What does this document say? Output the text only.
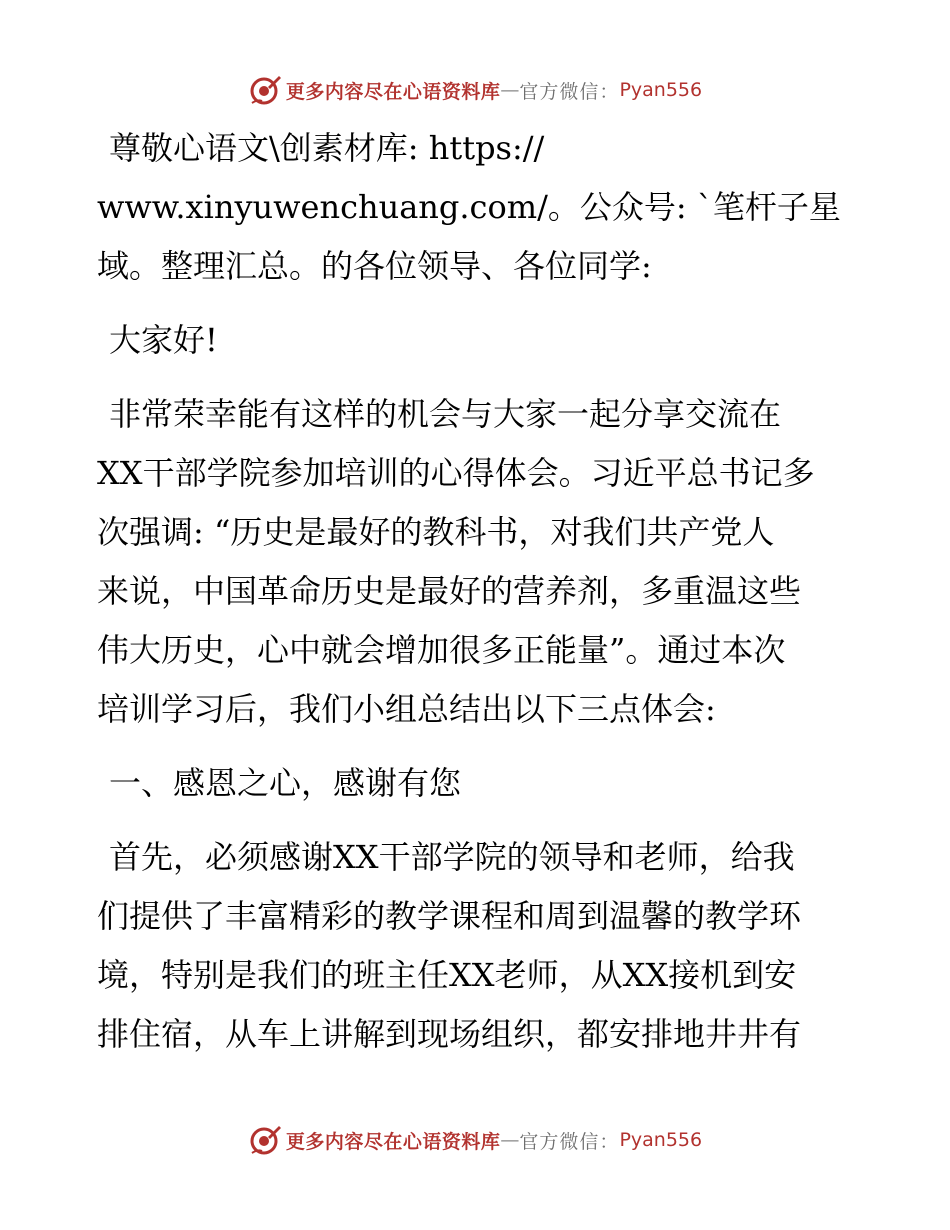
更多内容尽在心语资料库 — 官方微信： Pyan556
尊敬心语文\创素材库: https://
www.xinyuwenchuang.com/。公众号: `笔杆子星
域。整理汇总。的各位领导、各位同学:
大家好!
非常荣幸能有这样的机会与大家一起分享交流在
XX干部学院参加培训的心得体会。习近平总书记多
次强调: “历史是最好的教科书，对我们共产党人
来说，中国革命历史是最好的营养剂，多重温这些
伟大历史，心中就会增加很多正能量”。通过本次
培训学习后，我们小组总结出以下三点体会:
一、感恩之心，感谢有您
首先，必须感谢XX干部学院的领导和老师，给我
们提供了丰富精彩的教学课程和周到温馨的教学环
境，特别是我们的班主任XX老师，从XX接机到安
排住宿，从车上讲解到现场组织，都安排地井井有
更多内容尽在心语资料库 — 官方微信： Pyan556
